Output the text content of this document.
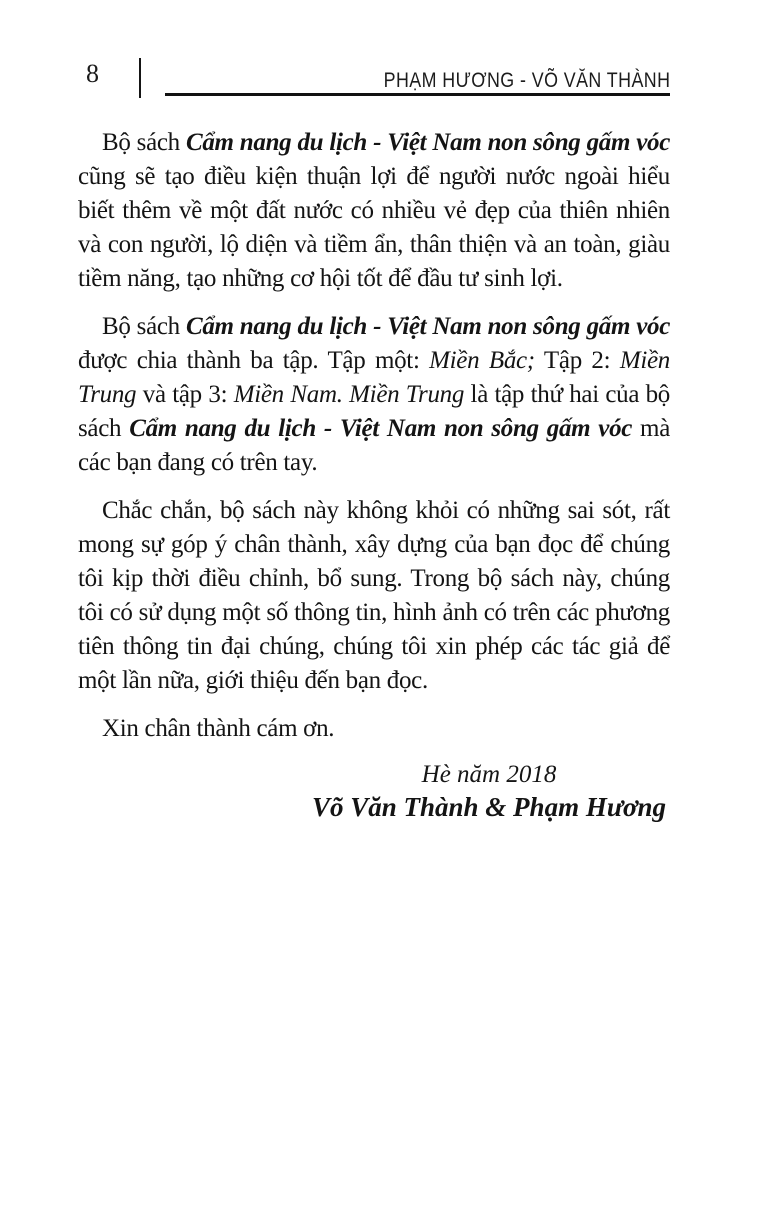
8	PHẠM HƯƠNG - VÕ VĂN THÀNH

Bộ sách Cẩm nang du lịch - Việt Nam non sông gấm vóc cũng sẽ tạo điều kiện thuận lợi để người nước ngoài hiểu biết thêm về một đất nước có nhiều vẻ đẹp của thiên nhiên và con người, lộ diện và tiềm ẩn, thân thiện và an toàn, giàu tiềm năng, tạo những cơ hội tốt để đầu tư sinh lợi.

Bộ sách Cẩm nang du lịch - Việt Nam non sông gấm vóc được chia thành ba tập. Tập một: Miền Bắc; Tập 2: Miền Trung và tập 3: Miền Nam. Miền Trung là tập thứ hai của bộ sách Cẩm nang du lịch - Việt Nam non sông gấm vóc mà các bạn đang có trên tay.

Chắc chắn, bộ sách này không khỏi có những sai sót, rất mong sự góp ý chân thành, xây dựng của bạn đọc để chúng tôi kịp thời điều chỉnh, bổ sung. Trong bộ sách này, chúng tôi có sử dụng một số thông tin, hình ảnh có trên các phương tiên thông tin đại chúng, chúng tôi xin phép các tác giả để một lần nữa, giới thiệu đến bạn đọc.

Xin chân thành cám ơn.

Hè năm 2018
Võ Văn Thành & Phạm Hương
